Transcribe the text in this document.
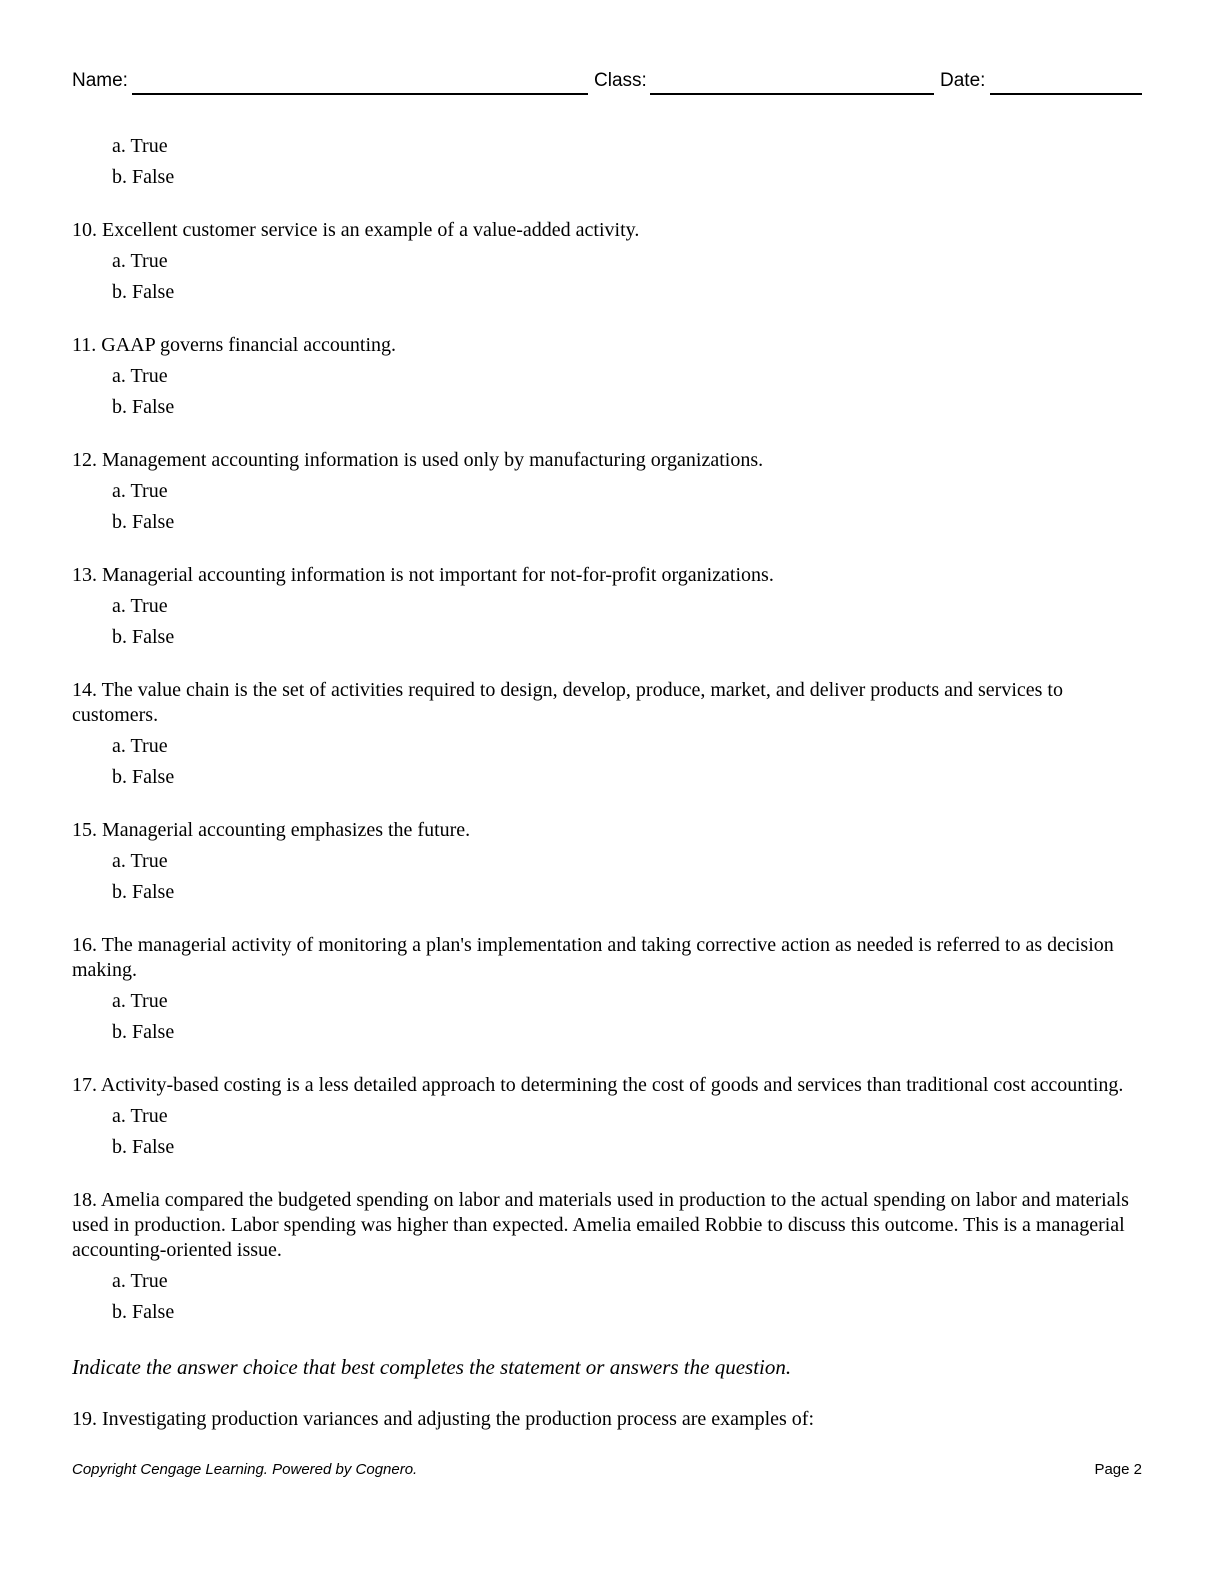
Name:	Class:	Date:
a. True
b. False
10. Excellent customer service is an example of a value-added activity.
a. True
b. False
11. GAAP governs financial accounting.
a. True
b. False
12. Management accounting information is used only by manufacturing organizations.
a. True
b. False
13. Managerial accounting information is not important for not-for-profit organizations.
a. True
b. False
14. The value chain is the set of activities required to design, develop, produce, market, and deliver products and services to customers.
a. True
b. False
15. Managerial accounting emphasizes the future.
a. True
b. False
16. The managerial activity of monitoring a plan's implementation and taking corrective action as needed is referred to as decision making.
a. True
b. False
17. Activity-based costing is a less detailed approach to determining the cost of goods and services than traditional cost accounting.
a. True
b. False
18. Amelia compared the budgeted spending on labor and materials used in production to the actual spending on labor and materials used in production. Labor spending was higher than expected. Amelia emailed Robbie to discuss this outcome. This is a managerial accounting-oriented issue.
a. True
b. False
Indicate the answer choice that best completes the statement or answers the question.
19. Investigating production variances and adjusting the production process are examples of:
Copyright Cengage Learning. Powered by Cognero.	Page 2
